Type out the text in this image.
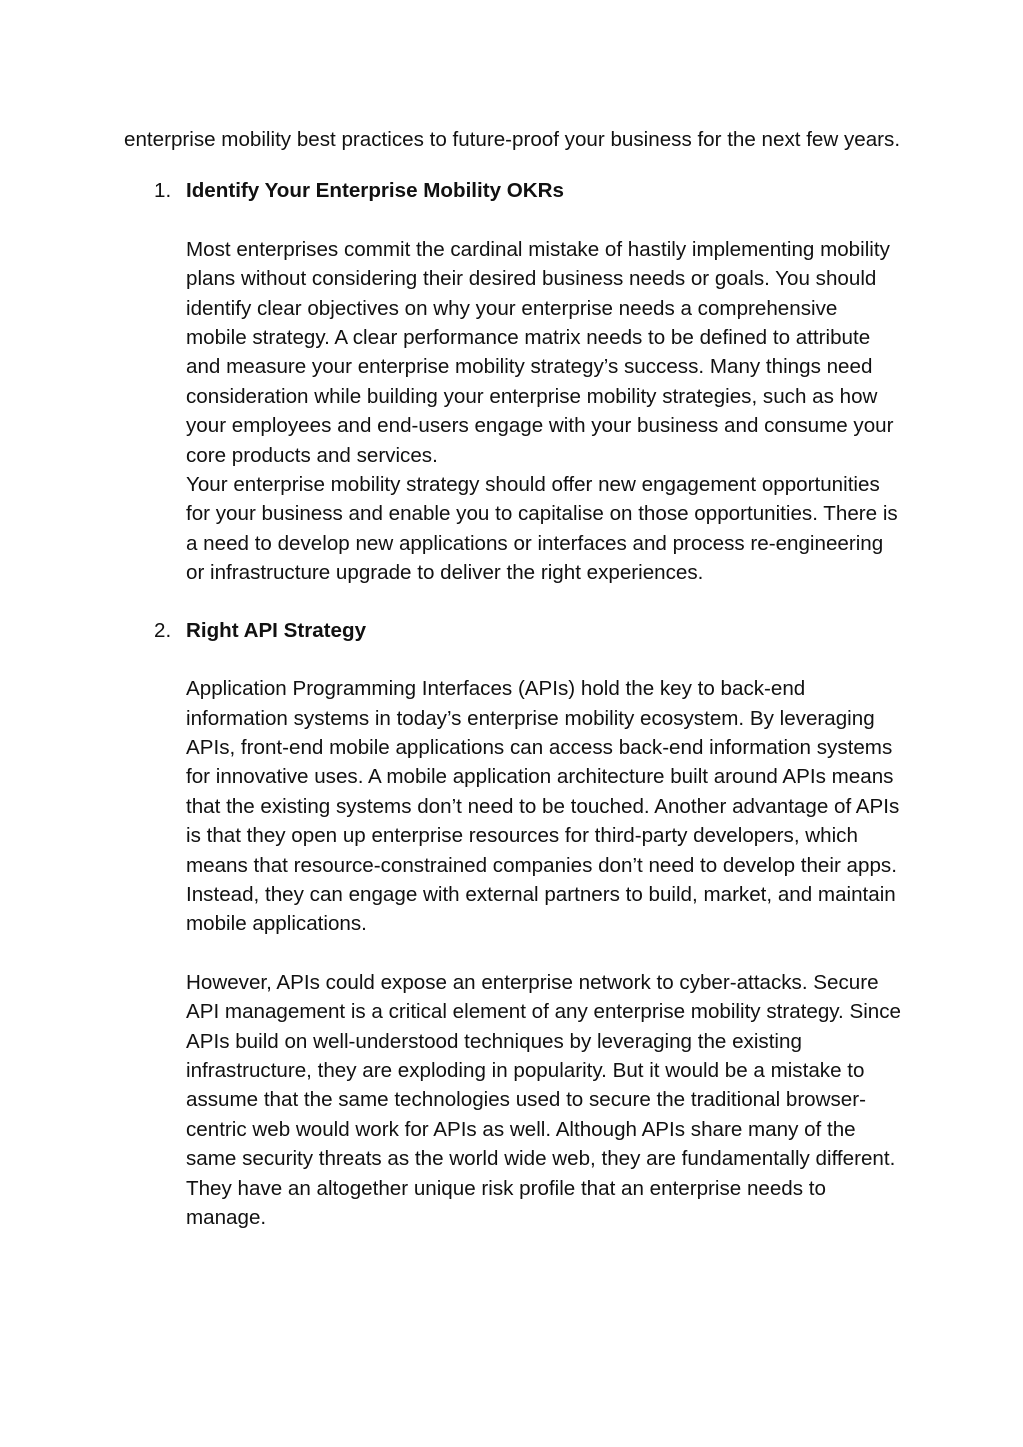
enterprise mobility best practices to future-proof your business for the next few years.

1. Identify Your Enterprise Mobility OKRs

Most enterprises commit the cardinal mistake of hastily implementing mobility plans without considering their desired business needs or goals. You should identify clear objectives on why your enterprise needs a comprehensive mobile strategy. A clear performance matrix needs to be defined to attribute and measure your enterprise mobility strategy’s success. Many things need consideration while building your enterprise mobility strategies, such as how your employees and end-users engage with your business and consume your core products and services.

Your enterprise mobility strategy should offer new engagement opportunities for your business and enable you to capitalise on those opportunities. There is a need to develop new applications or interfaces and process re-engineering or infrastructure upgrade to deliver the right experiences.

2. Right API Strategy

Application Programming Interfaces (APIs) hold the key to back-end information systems in today’s enterprise mobility ecosystem. By leveraging APIs, front-end mobile applications can access back-end information systems for innovative uses. A mobile application architecture built around APIs means that the existing systems don’t need to be touched. Another advantage of APIs is that they open up enterprise resources for third-party developers, which means that resource-constrained companies don’t need to develop their apps. Instead, they can engage with external partners to build, market, and maintain mobile applications.

However, APIs could expose an enterprise network to cyber-attacks. Secure API management is a critical element of any enterprise mobility strategy. Since APIs build on well-understood techniques by leveraging the existing infrastructure, they are exploding in popularity. But it would be a mistake to assume that the same technologies used to secure the traditional browser-centric web would work for APIs as well. Although APIs share many of the same security threats as the world wide web, they are fundamentally different. They have an altogether unique risk profile that an enterprise needs to manage.
